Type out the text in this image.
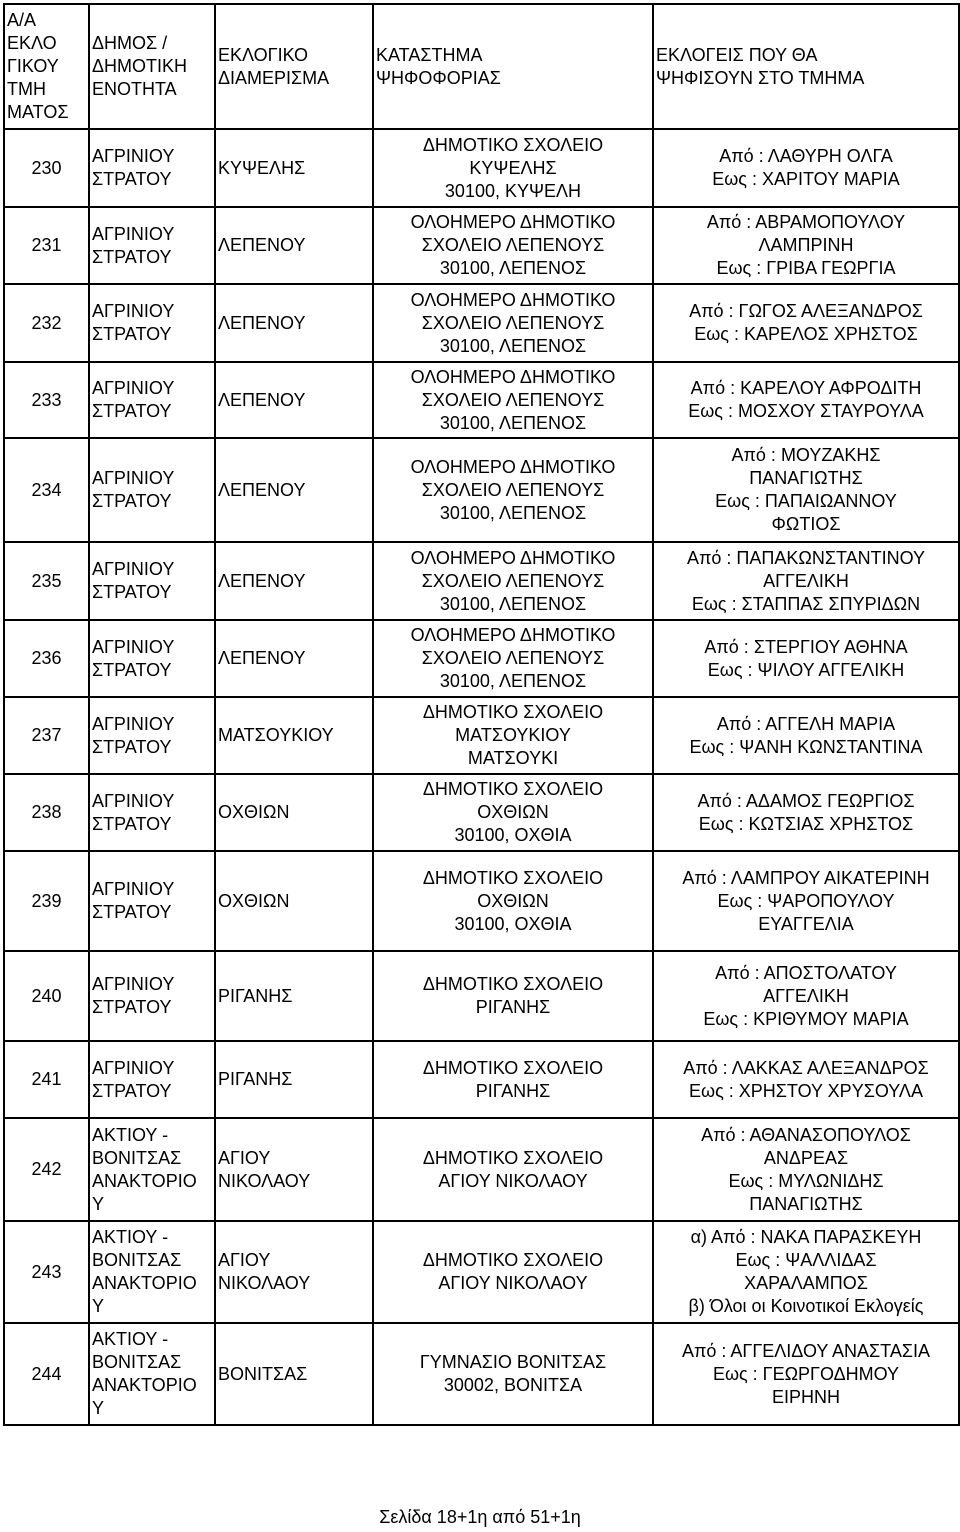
Α/Α
ΕΚΛΟ
ΓΙΚΟΥ
ΤΜΗ
ΜΑΤΟΣ	ΔΗΜΟΣ /
ΔΗΜΟΤΙΚΗ
ΕΝΟΤΗΤΑ	ΕΚΛΟΓΙΚΟ
ΔΙΑΜΕΡΙΣΜΑ	ΚΑΤΑΣΤΗΜΑ
ΨΗΦΟΦΟΡΙΑΣ	ΕΚΛΟΓΕΙΣ ΠΟΥ ΘΑ
ΨΗΦΙΣΟΥΝ ΣΤΟ ΤΜΗΜΑ
230	ΑΓΡΙΝΙΟΥ
ΣΤΡΑΤΟΥ	ΚΥΨΕΛΗΣ	ΔΗΜΟΤΙΚΟ ΣΧΟΛΕΙΟ
ΚΥΨΕΛΗΣ
30100, ΚΥΨΕΛΗ	Από : ΛΑΘΥΡΗ ΟΛΓΑ
Εως : ΧΑΡΙΤΟΥ ΜΑΡΙΑ
231	ΑΓΡΙΝΙΟΥ
ΣΤΡΑΤΟΥ	ΛΕΠΕΝΟΥ	ΟΛΟΗΜΕΡΟ ΔΗΜΟΤΙΚΟ
ΣΧΟΛΕΙΟ ΛΕΠΕΝΟΥΣ
30100, ΛΕΠΕΝΟΣ	Από : ΑΒΡΑΜΟΠΟΥΛΟΥ
ΛΑΜΠΡΙΝΗ
Εως : ΓΡΙΒΑ ΓΕΩΡΓΙΑ
232	ΑΓΡΙΝΙΟΥ
ΣΤΡΑΤΟΥ	ΛΕΠΕΝΟΥ	ΟΛΟΗΜΕΡΟ ΔΗΜΟΤΙΚΟ
ΣΧΟΛΕΙΟ ΛΕΠΕΝΟΥΣ
30100, ΛΕΠΕΝΟΣ	Από : ΓΩΓΟΣ ΑΛΕΞΑΝΔΡΟΣ
Εως : ΚΑΡΕΛΟΣ ΧΡΗΣΤΟΣ
233	ΑΓΡΙΝΙΟΥ
ΣΤΡΑΤΟΥ	ΛΕΠΕΝΟΥ	ΟΛΟΗΜΕΡΟ ΔΗΜΟΤΙΚΟ
ΣΧΟΛΕΙΟ ΛΕΠΕΝΟΥΣ
30100, ΛΕΠΕΝΟΣ	Από : ΚΑΡΕΛΟΥ ΑΦΡΟΔΙΤΗ
Εως : ΜΟΣΧΟΥ ΣΤΑΥΡΟΥΛΑ
234	ΑΓΡΙΝΙΟΥ
ΣΤΡΑΤΟΥ	ΛΕΠΕΝΟΥ	ΟΛΟΗΜΕΡΟ ΔΗΜΟΤΙΚΟ
ΣΧΟΛΕΙΟ ΛΕΠΕΝΟΥΣ
30100, ΛΕΠΕΝΟΣ	Από : ΜΟΥΖΑΚΗΣ
ΠΑΝΑΓΙΩΤΗΣ
Εως : ΠΑΠΑΙΩΑΝΝΟΥ
ΦΩΤΙΟΣ
235	ΑΓΡΙΝΙΟΥ
ΣΤΡΑΤΟΥ	ΛΕΠΕΝΟΥ	ΟΛΟΗΜΕΡΟ ΔΗΜΟΤΙΚΟ
ΣΧΟΛΕΙΟ ΛΕΠΕΝΟΥΣ
30100, ΛΕΠΕΝΟΣ	Από : ΠΑΠΑΚΩΝΣΤΑΝΤΙΝΟΥ
ΑΓΓΕΛΙΚΗ
Εως : ΣΤΑΠΠΑΣ ΣΠΥΡΙΔΩΝ
236	ΑΓΡΙΝΙΟΥ
ΣΤΡΑΤΟΥ	ΛΕΠΕΝΟΥ	ΟΛΟΗΜΕΡΟ ΔΗΜΟΤΙΚΟ
ΣΧΟΛΕΙΟ ΛΕΠΕΝΟΥΣ
30100, ΛΕΠΕΝΟΣ	Από : ΣΤΕΡΓΙΟΥ ΑΘΗΝΑ
Εως : ΨΙΛΟΥ ΑΓΓΕΛΙΚΗ
237	ΑΓΡΙΝΙΟΥ
ΣΤΡΑΤΟΥ	ΜΑΤΣΟΥΚΙΟΥ	ΔΗΜΟΤΙΚΟ ΣΧΟΛΕΙΟ
ΜΑΤΣΟΥΚΙΟΥ
ΜΑΤΣΟΥΚΙ	Από : ΑΓΓΕΛΗ ΜΑΡΙΑ
Εως : ΨΑΝΗ ΚΩΝΣΤΑΝΤΙΝΑ
238	ΑΓΡΙΝΙΟΥ
ΣΤΡΑΤΟΥ	ΟΧΘΙΩΝ	ΔΗΜΟΤΙΚΟ ΣΧΟΛΕΙΟ
ΟΧΘΙΩΝ
30100, ΟΧΘΙΑ	Από : ΑΔΑΜΟΣ ΓΕΩΡΓΙΟΣ
Εως : ΚΩΤΣΙΑΣ ΧΡΗΣΤΟΣ
239	ΑΓΡΙΝΙΟΥ
ΣΤΡΑΤΟΥ	ΟΧΘΙΩΝ	ΔΗΜΟΤΙΚΟ ΣΧΟΛΕΙΟ
ΟΧΘΙΩΝ
30100, ΟΧΘΙΑ	Από : ΛΑΜΠΡΟΥ ΑΙΚΑΤΕΡΙΝΗ
Εως : ΨΑΡΟΠΟΥΛΟΥ
ΕΥΑΓΓΕΛΙΑ
240	ΑΓΡΙΝΙΟΥ
ΣΤΡΑΤΟΥ	ΡΙΓΑΝΗΣ	ΔΗΜΟΤΙΚΟ ΣΧΟΛΕΙΟ
ΡΙΓΑΝΗΣ	Από : ΑΠΟΣΤΟΛΑΤΟΥ
ΑΓΓΕΛΙΚΗ
Εως : ΚΡΙΘΥΜΟΥ ΜΑΡΙΑ
241	ΑΓΡΙΝΙΟΥ
ΣΤΡΑΤΟΥ	ΡΙΓΑΝΗΣ	ΔΗΜΟΤΙΚΟ ΣΧΟΛΕΙΟ
ΡΙΓΑΝΗΣ	Από : ΛΑΚΚΑΣ ΑΛΕΞΑΝΔΡΟΣ
Εως : ΧΡΗΣΤΟΥ ΧΡΥΣΟΥΛΑ
242	ΑΚΤΙΟΥ -
ΒΟΝΙΤΣΑΣ
ΑΝΑΚΤΟΡΙΟ
Υ	ΑΓΙΟΥ
ΝΙΚΟΛΑΟΥ	ΔΗΜΟΤΙΚΟ ΣΧΟΛΕΙΟ
ΑΓΙΟΥ ΝΙΚΟΛΑΟΥ	Από : ΑΘΑΝΑΣΟΠΟΥΛΟΣ
ΑΝΔΡΕΑΣ
Εως : ΜΥΛΩΝΙΔΗΣ
ΠΑΝΑΓΙΩΤΗΣ
243	ΑΚΤΙΟΥ -
ΒΟΝΙΤΣΑΣ
ΑΝΑΚΤΟΡΙΟ
Υ	ΑΓΙΟΥ
ΝΙΚΟΛΑΟΥ	ΔΗΜΟΤΙΚΟ ΣΧΟΛΕΙΟ
ΑΓΙΟΥ ΝΙΚΟΛΑΟΥ	α) Από : ΝΑΚΑ ΠΑΡΑΣΚΕΥΗ
Εως : ΨΑΛΛΙΔΑΣ
ΧΑΡΑΛΑΜΠΟΣ
β) Όλοι οι Κοινοτικοί Εκλογείς
244	ΑΚΤΙΟΥ -
ΒΟΝΙΤΣΑΣ
ΑΝΑΚΤΟΡΙΟ
Υ	ΒΟΝΙΤΣΑΣ	ΓΥΜΝΑΣΙΟ ΒΟΝΙΤΣΑΣ
30002, ΒΟΝΙΤΣΑ	Από : ΑΓΓΕΛΙΔΟΥ ΑΝΑΣΤΑΣΙΑ
Εως : ΓΕΩΡΓΟΔΗΜΟΥ
ΕΙΡΗΝΗ
Σελίδα 18+1η από 51+1η
